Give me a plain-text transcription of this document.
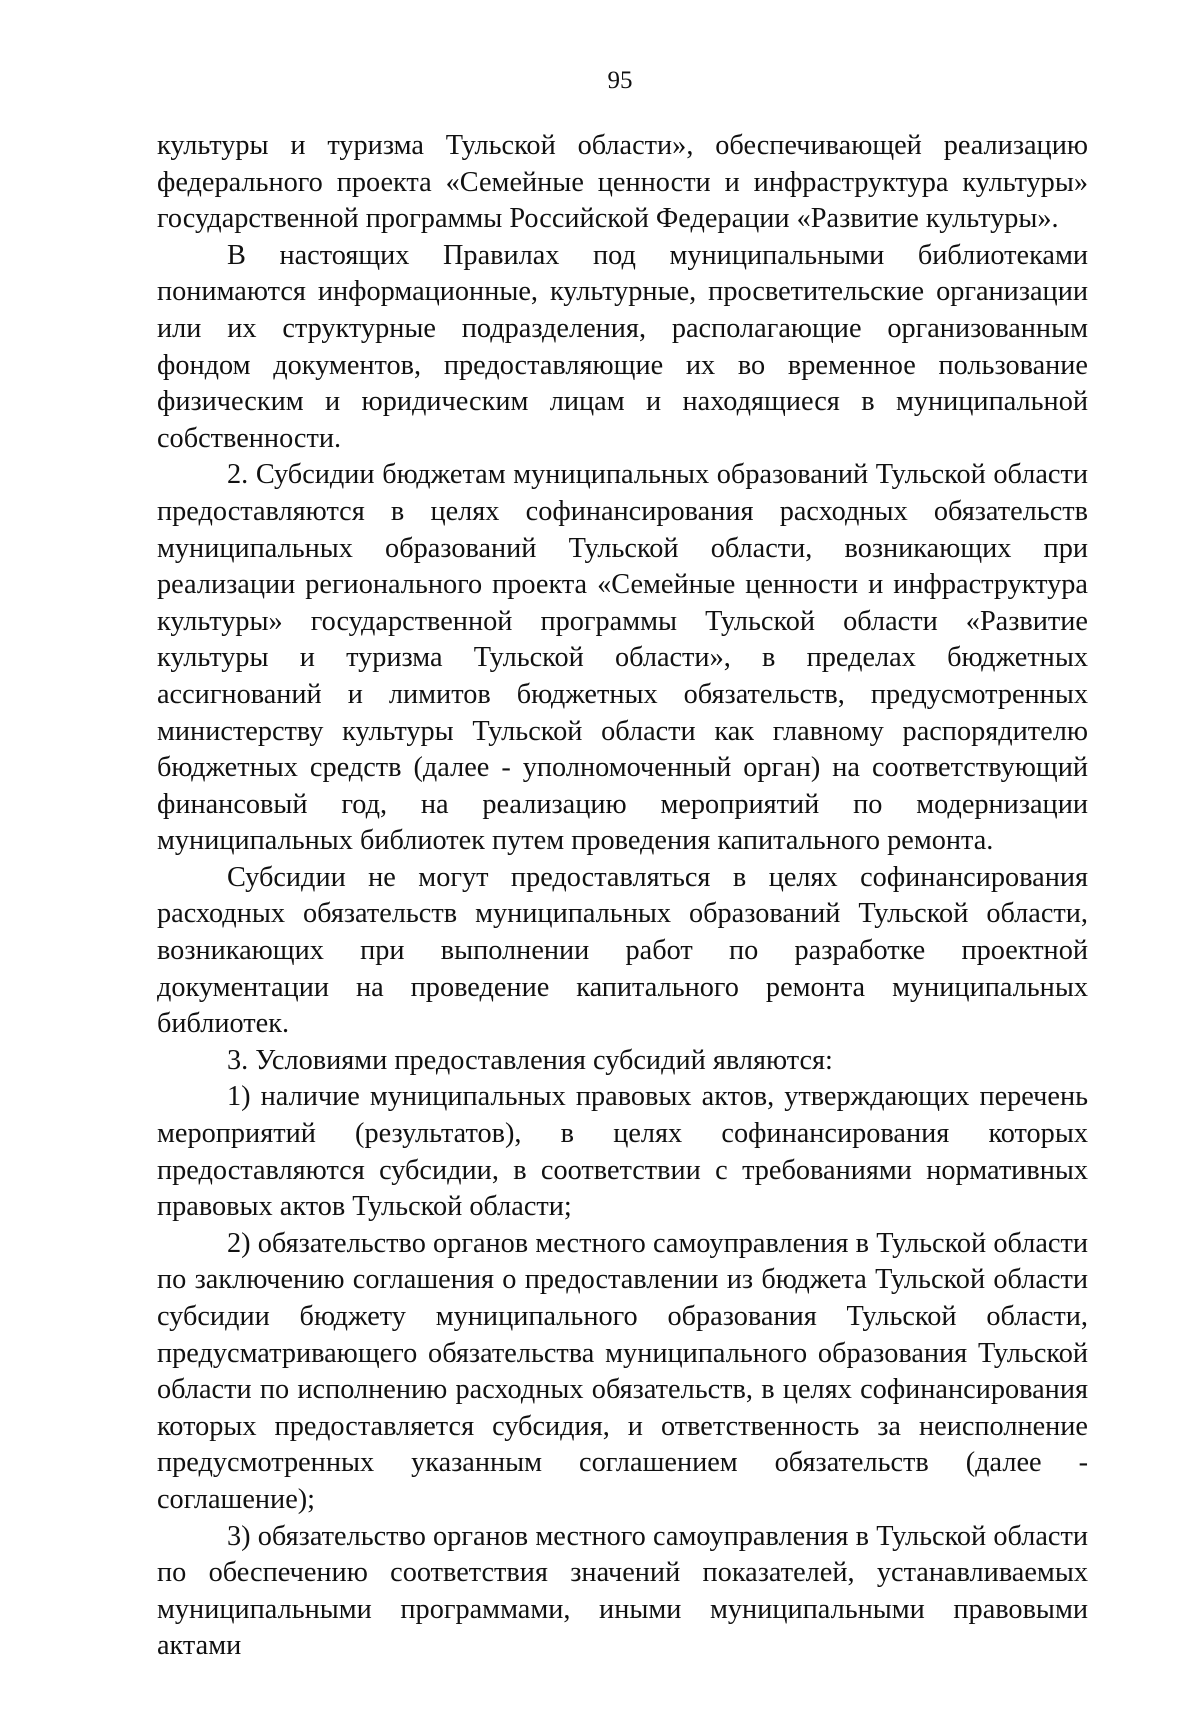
95

культуры и туризма Тульской области», обеспечивающей реализацию федерального проекта «Семейные ценности и инфраструктура культуры» государственной программы Российской Федерации «Развитие культуры».

В настоящих Правилах под муниципальными библиотеками понимаются информационные, культурные, просветительские организации или их структурные подразделения, располагающие организованным фондом документов, предоставляющие их во временное пользование физическим и юридическим лицам и находящиеся в муниципальной собственности.

2. Субсидии бюджетам муниципальных образований Тульской области предоставляются в целях софинансирования расходных обязательств муниципальных образований Тульской области, возникающих при реализации регионального проекта «Семейные ценности и инфраструктура культуры» государственной программы Тульской области «Развитие культуры и туризма Тульской области», в пределах бюджетных ассигнований и лимитов бюджетных обязательств, предусмотренных министерству культуры Тульской области как главному распорядителю бюджетных средств (далее - уполномоченный орган) на соответствующий финансовый год, на реализацию мероприятий по модернизации муниципальных библиотек путем проведения капитального ремонта.

Субсидии не могут предоставляться в целях софинансирования расходных обязательств муниципальных образований Тульской области, возникающих при выполнении работ по разработке проектной документации на проведение капитального ремонта муниципальных библиотек.

3. Условиями предоставления субсидий являются:

1) наличие муниципальных правовых актов, утверждающих перечень мероприятий (результатов), в целях софинансирования которых предоставляются субсидии, в соответствии с требованиями нормативных правовых актов Тульской области;

2) обязательство органов местного самоуправления в Тульской области по заключению соглашения о предоставлении из бюджета Тульской области субсидии бюджету муниципального образования Тульской области, предусматривающего обязательства муниципального образования Тульской области по исполнению расходных обязательств, в целях софинансирования которых предоставляется субсидия, и ответственность за неисполнение предусмотренных указанным соглашением обязательств (далее - соглашение);

3) обязательство органов местного самоуправления в Тульской области по обеспечению соответствия значений показателей, устанавливаемых муниципальными программами, иными муниципальными правовыми актами
